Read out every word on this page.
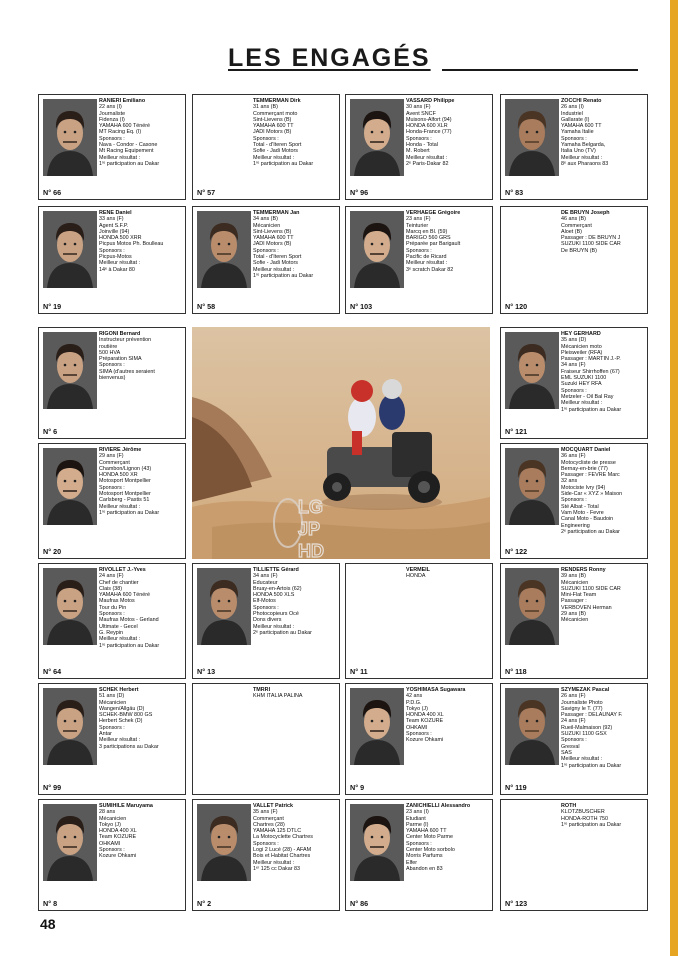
LES ENGAGÉS
RANIERI Emiliano
22 ans (I)
Journaliste
Fidenza (I)
YAMAHA 600 Ténéré
MT Racing Eq. (I)
Sponsors :
Nava - Condor - Casone
Mt Racing Equipement
Meilleur résultat :
1ʳᵉ participation au Dakar
N° 66
TEMMERMAN Dirk
31 ans (B)
Commerçant moto
Sint-Lievens (B)
YAMAHA 600 TT
JADI Motors (B)
Sponsors :
Total - d'Iteren Sport
Sofie - Jadi Motors
Meilleur résultat :
1ʳᵉ participation au Dakar
N° 57
VASSARD Philippe
30 ans (F)
Avent SNCF
Muisons-Alfort (94)
HONDA 600 XLR
Honda-France (77)
Sponsors :
Honda - Total
M. Robert
Meilleur résultat :
2ᵉ Paris-Dakar 82
N° 96
ZOCCHI Renato
26 ans (I)
Industriel
Gallarate (I)
YAMAHA 600 TT
Yamaha Italie
Sponsors :
Yamaha Belgarda,
Italia Uno (TV)
Meilleur résultat :
8ᵉ aux Pharaons 83
N° 83
RENE Daniel
33 ans (F)
Agent S.F.P.
Joinville (94)
HONDA 500 XRR
Picpus Motos Ph. Boulleau
Sponsors :
Picpus-Motos
Meilleur résultat :
14ᵉ à Dakar 80
N° 19
TEMMERMAN Jan
34 ans (B)
Mécanicien
Sint-Lievens (B)
YAMAHA 600 TT
JADI Motors (B)
Sponsors :
Total - d'Iteren Sport
Sofie - Jadi Motors
Meilleur résultat :
1ʳᵉ participation au Dakar
N° 58
VERHAEGE Grégoire
23 ans (F)
Teinturier
Marcq en Bl. (59)
BARIGO 560 GRS
Préparée par Barigault
Sponsors :
Pacific de Ricard
Meilleur résultat :
3ᵉ scratch Dakar 82
N° 103
DE BRUYN Joseph
46 ans (B)
Commerçant
Aloet (B)
Passager : DE BRUYN J
SUZUKI 1100 SIDE CAR
De BRUYN (B)
N° 120
RIGONI Bernard
Instructeur prévention
routière
500 HVA
Préparation SIMA
Sponsors :
SIMA (d'autres seraient
bienvenus)
N° 6
HEY GERHARD
35 ans (D)
Mécanicien moto
Pleisweiler (RFA)
Passager : MARTIN J.-P.
34 ans (F)
Fraiseur Shirrhoffen (67)
EML SUZUKI 1100
Suzuki HEY RFA
Sponsors :
Metzeler - Oil Bal Ray
Meilleur résultat :
1ʳᵉ participation au Dakar
N° 121
RIVIERE Jérôme
29 ans (F)
Commerçant
Chambon/Lignon (43)
HONDA 500 XR
Motosport Montpellier
Sponsors :
Motosport Montpellier
Carlsberg - Pastis 51
Meilleur résultat :
1ʳᵉ participation au Dakar
N° 20
MOCQUART Daniel
36 ans (F)
Motocycliste de presse
Bernay-en-brie (77)
Passager : FEVRE Marc
32 ans
Motociste Ivry (94)
Side-Car « XYZ » Maison
Sponsors :
Sté Albat - Total
Vam Moto - Fevre
Canal Moto - Baudoin
Engineering
2ᵉ participation au Dakar
N° 122
RIVOLLET J.-Yves
24 ans (F)
Chef de chantier
Clais (38)
YAMAHA 600 Ténéré
Maufras Motos
Tour du Pin
Sponsors :
Maufras Motos - Gerland
Ultimate - Gecel
G. Reypin
Meilleur résultat :
1ʳᵉ participation au Dakar
N° 64
TILLIETTE Gérard
34 ans (F)
Educateur
Bruay-en-Artois (62)
HONDA 500 XLS
Elf-Motos
Sponsors :
Photocopieurs Océ
Dons divers
Meilleur résultat :
2ᵉ participation au Dakar
N° 13
VERMEIL
HONDA
N° 11
RENDERS Ronny
39 ans (B)
Mécanicien
SUZUKI 1100 SIDE CAR
Mini-Flat Team
Passager :
VERBOVEN Herman
29 ans (B)
Mécanicien
N° 118
SCHEK Herbert
51 ans (D)
Mécanicien
Wangen/Allgäu (D)
SCHEK-BMW 800 GS
Herbert Schek (D)
Sponsors :
Antar
Meilleur résultat :
3 participations au Dakar
N° 99
TMRRI
KHM ITALIA PALINA
YOSHIMASA Sugawara
42 ans
P.D.G.
Tokyo (J)
HONDA 400 XL
Team KOZURE
OHKAMI
Sponsors :
Kozure Ohkami
N° 9
SZYMEZAK Pascal
26 ans (F)
Journaliste Photo
Savigny le T. (77)
Passager : DELAUNAY F.
24 ans (F)
Rueil-Malmaison (92)
SUZUKI 1100 GSX
Sponsors :
Gresval
SAS
Meilleur résultat :
1ʳᵉ participation au Dakar
N° 119
SUMIHILE Maruyama
28 ans
Mécanicien
Tokyo (J)
HONDA 400 XL
Team KOZURE
OHKAMI
Sponsors :
Kozure Ohkami
N° 8
VALLET Patrick
35 ans (F)
Commerçant
Chartres (28)
YAMAHA 125 DTLC
La Motocyclette Chartres
Sponsors :
Logi 2 Lucé (28) - AFAM
Bois et Habitat Chartres
Meilleur résultat :
1ᵉʳ 125 cc Dakar 83
N° 2
ZANICHIELLI Alessandro
23 ans (I)
Etudiant
Parme (I)
YAMAHA 600 TT
Center Moto Parme
Sponsors :
Center Moto sorbolo
Morris Parfums
Elfer
Abandon en 83
N° 86
ROTH
KLOTZBUSCHER
HONDA-ROTH 750
1ʳᵉ participation au Dakar
N° 123
LG
JP
HD
48
